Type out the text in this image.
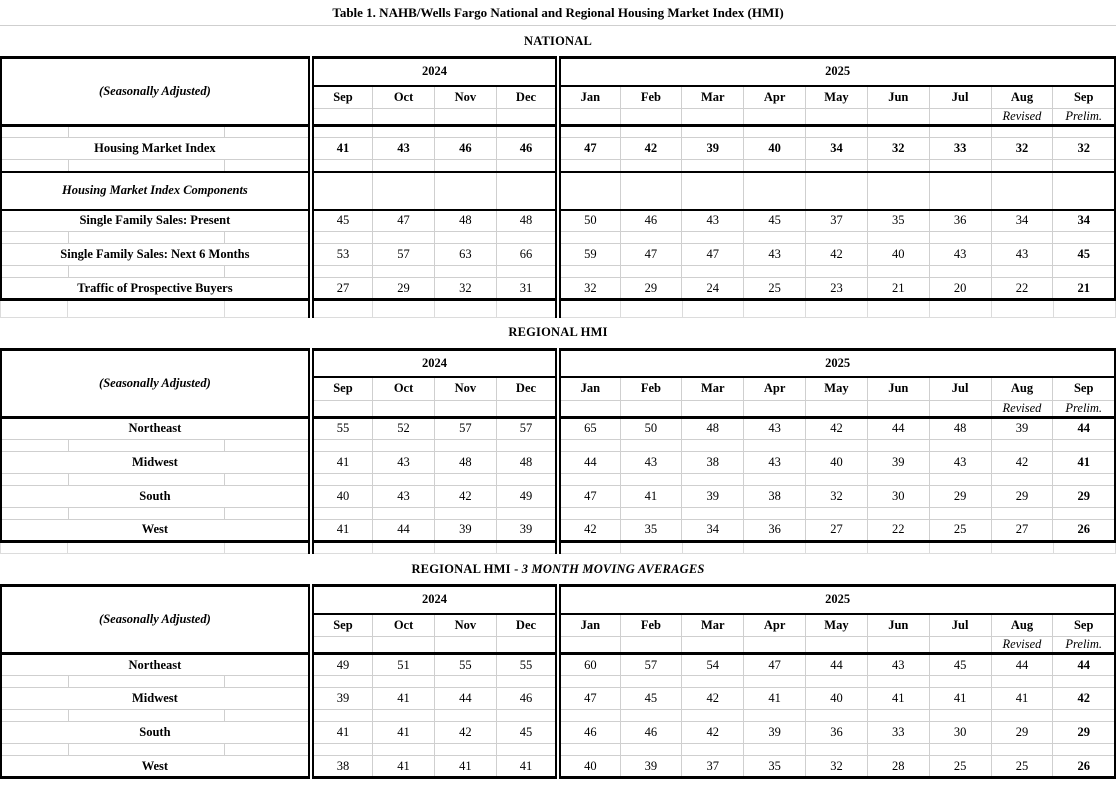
Table 1. NAHB/Wells Fargo National and Regional Housing Market Index (HMI)
NATIONAL
(Seasonally Adjusted)			2024				2025								
			Sep	Oct	Nov	Dec	Jan	Feb	Mar	Apr	May	Jun	Jul	Aug	Sep
														Revised	Prelim.

Housing Market Index			41	43	46	46	47	42	39	40	34	32	33	32	32

Housing Market Index Components															
Single Family Sales: Present			45	47	48	48	50	46	43	45	37	35	36	34	34

Single Family Sales: Next 6 Months			53	57	63	66	59	47	47	43	42	40	43	43	45

Traffic of Prospective Buyers			27	29	32	31	32	29	24	25	23	21	20	22	21

REGIONAL HMI
(Seasonally Adjusted)			2024				2025								
			Sep	Oct	Nov	Dec	Jan	Feb	Mar	Apr	May	Jun	Jul	Aug	Sep
														Revised	Prelim.
Northeast			55	52	57	57	65	50	48	43	42	44	48	39	44

Midwest			41	43	48	48	44	43	38	43	40	39	43	42	41

South			40	43	42	49	47	41	39	38	32	30	29	29	29

West			41	44	39	39	42	35	34	36	27	22	25	27	26

REGIONAL HMI - 3 MONTH MOVING AVERAGES
(Seasonally Adjusted)			2024				2025								
			Sep	Oct	Nov	Dec	Jan	Feb	Mar	Apr	May	Jun	Jul	Aug	Sep
														Revised	Prelim.
Northeast			49	51	55	55	60	57	54	47	44	43	45	44	44

Midwest			39	41	44	46	47	45	42	41	40	41	41	41	42

South			41	41	42	45	46	46	42	39	36	33	30	29	29

West			38	41	41	41	40	39	37	35	32	28	25	25	26
